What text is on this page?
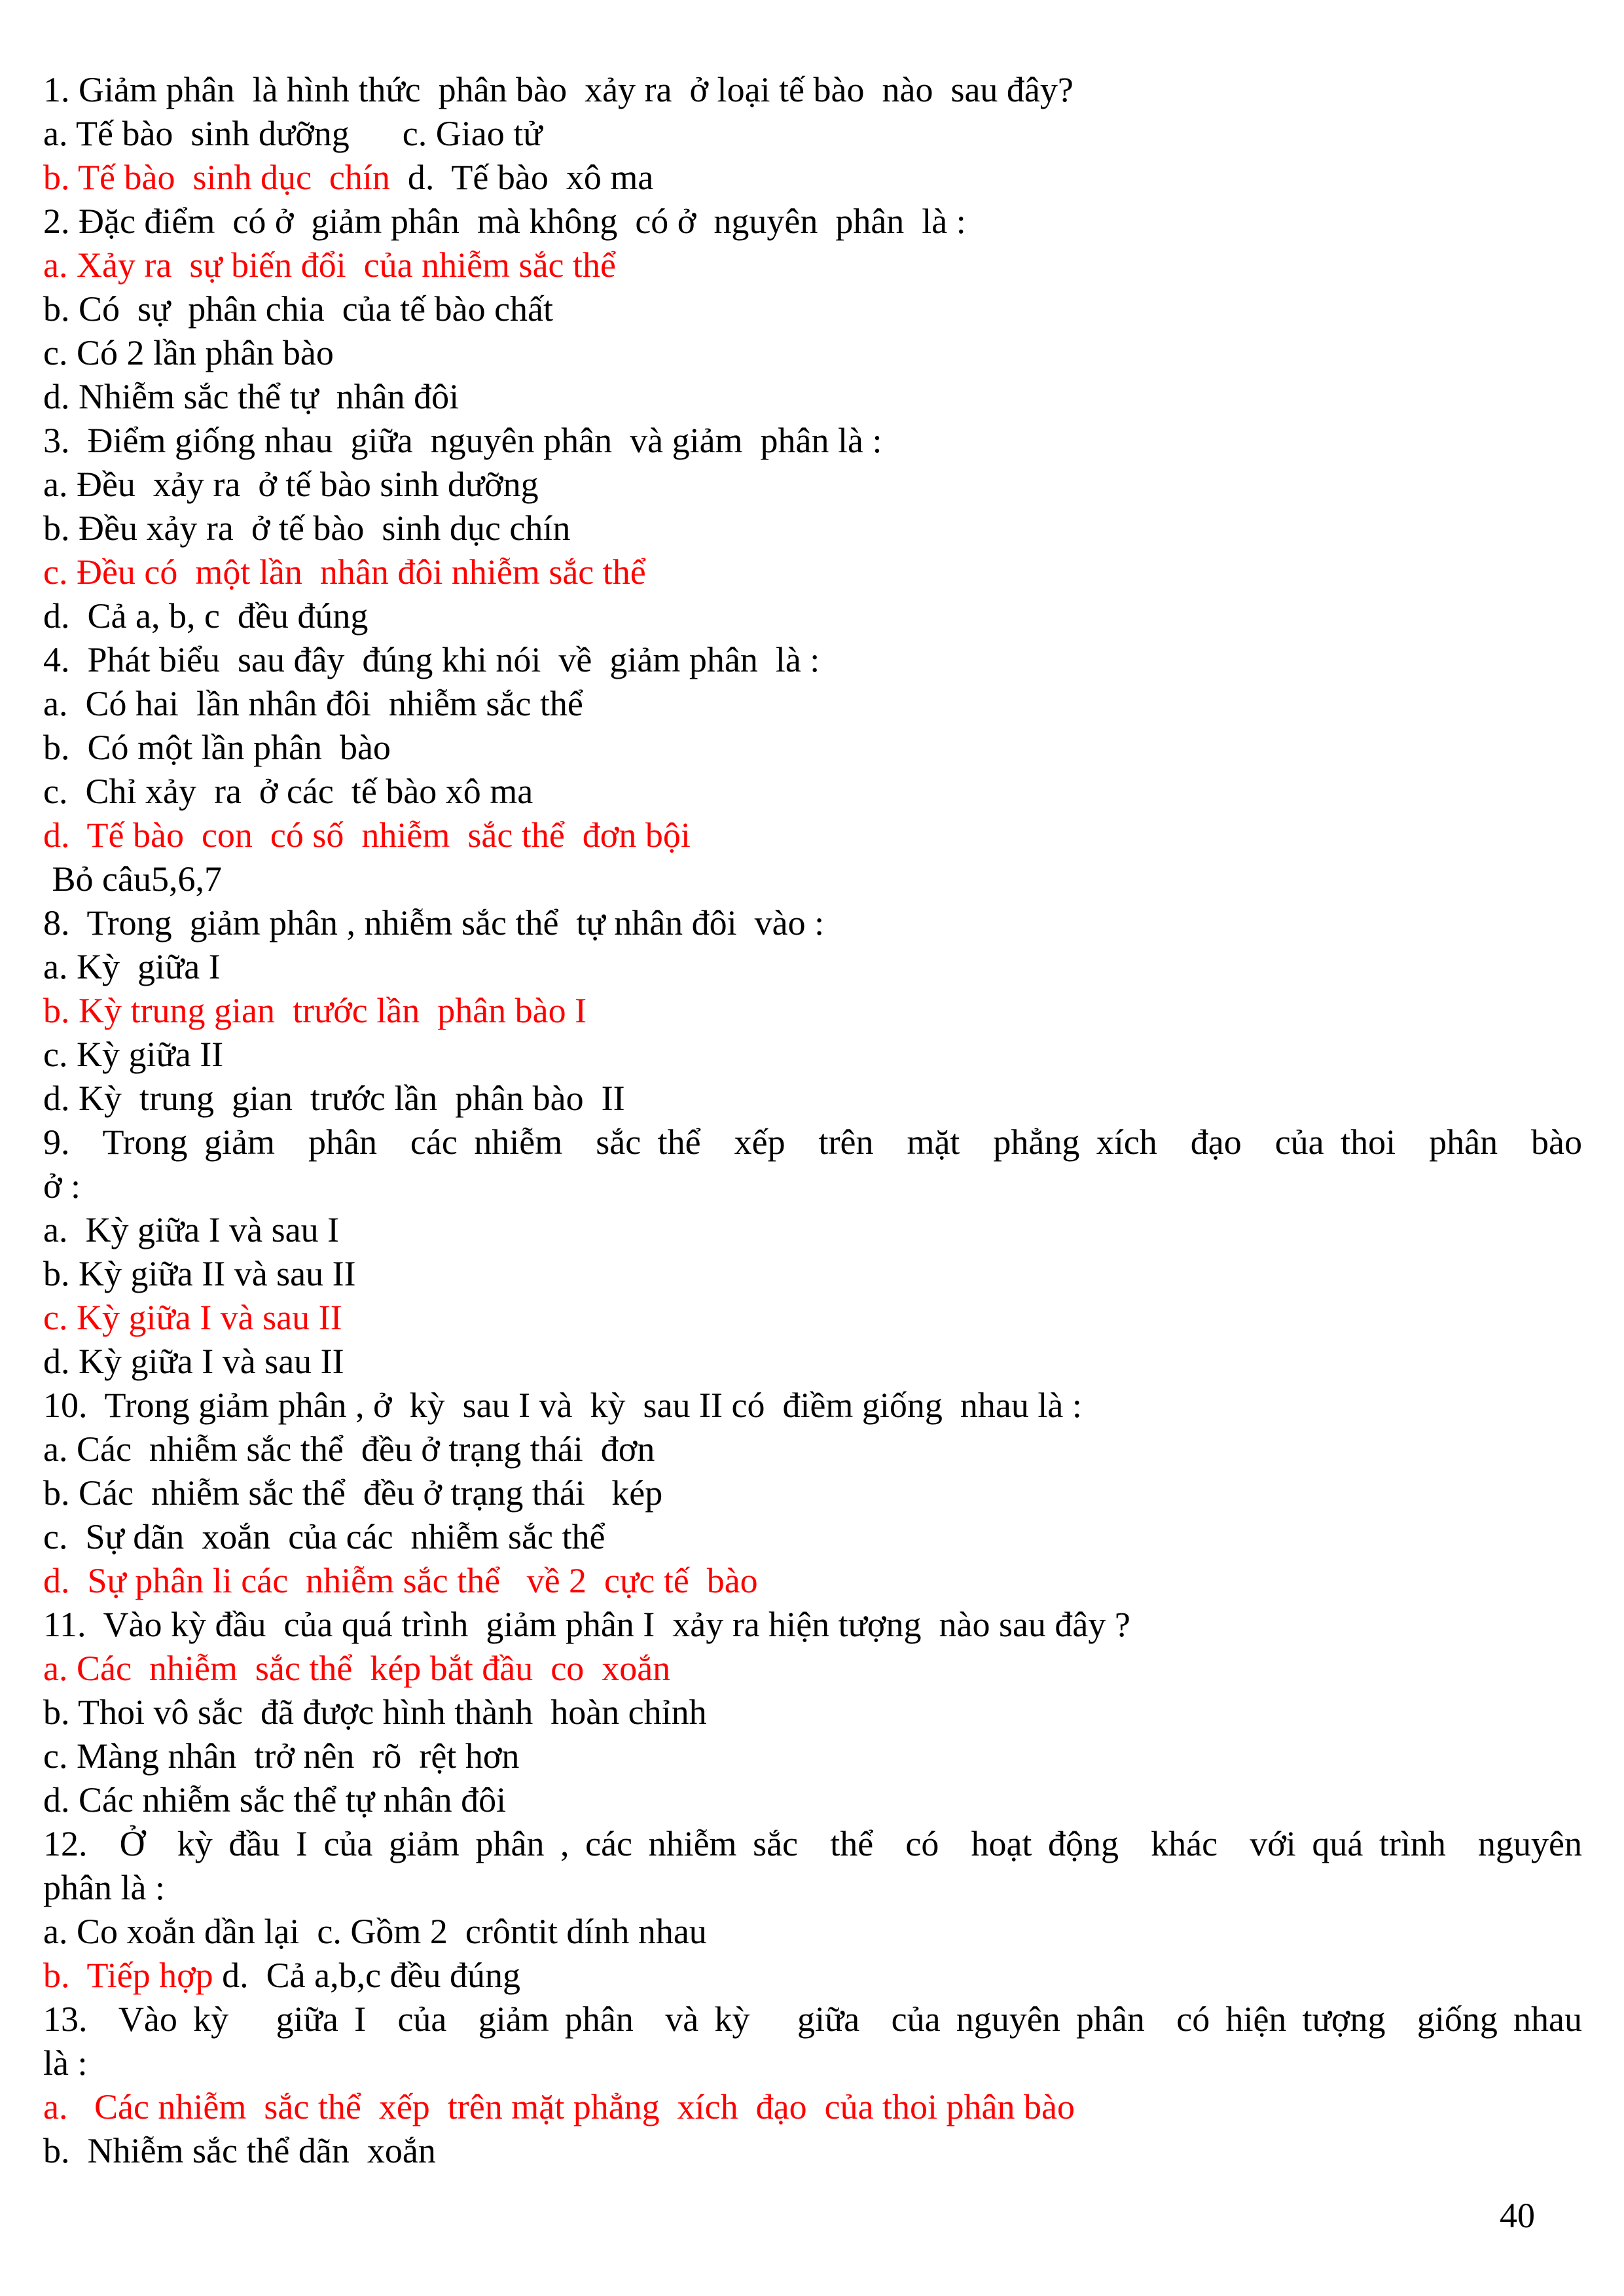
1. Giảm phân  là hình thức  phân bào  xảy ra  ở loại tế bào  nào  sau đây?
a. Tế bào  sinh dưỡng      c. Giao tử
b. Tế bào  sinh dục  chín  d.  Tế bào  xô ma
2. Đặc điểm  có ở  giảm phân  mà không  có ở  nguyên  phân  là :
a. Xảy ra  sự biến đổi  của nhiễm sắc thể
b. Có  sự  phân chia  của tế bào chất
c. Có 2 lần phân bào
d. Nhiễm sắc thể tự  nhân đôi
3.  Điểm giống nhau  giữa  nguyên phân  và giảm  phân là :
a. Đều  xảy ra  ở tế bào sinh dưỡng
b. Đều xảy ra  ở tế bào  sinh dục chín
c. Đều có  một lần  nhân đôi nhiễm sắc thể
d.  Cả a, b, c  đều đúng
4.  Phát biểu  sau đây  đúng khi nói  về  giảm phân  là :
a.  Có hai  lần nhân đôi  nhiễm sắc thể
b.  Có một lần phân  bào
c.  Chỉ xảy  ra  ở các  tế bào xô ma
d.  Tế bào  con  có số  nhiễm  sắc thể  đơn bội
Bỏ câu5,6,7
8.  Trong  giảm phân , nhiễm sắc thể  tự nhân đôi  vào :
a. Kỳ  giữa I
b. Kỳ trung gian  trước lần  phân bào I
c. Kỳ giữa II
d. Kỳ  trung  gian  trước lần  phân bào  II
9.  Trong giảm  phân  các nhiễm  sắc thể  xếp  trên  mặt  phẳng xích  đạo  của thoi  phân  bào
ở :
a.  Kỳ giữa I và sau I
b. Kỳ giữa II và sau II
c. Kỳ giữa I và sau II
d. Kỳ giữa I và sau II
10.  Trong giảm phân , ở  kỳ  sau I và  kỳ  sau II có  điềm giống  nhau là :
a. Các  nhiễm sắc thể  đều ở trạng thái  đơn
b. Các  nhiễm sắc thể  đều ở trạng thái   kép
c.  Sự dãn  xoắn  của các  nhiễm sắc thể
d.  Sự phân li các  nhiễm sắc thể   về 2  cực tế  bào
11.  Vào kỳ đầu  của quá trình  giảm phân I  xảy ra hiện tượng  nào sau đây ?
a. Các  nhiễm  sắc thể  kép bắt đầu  co  xoắn
b. Thoi vô sắc  đã được hình thành  hoàn chỉnh
c. Màng nhân  trở nên  rõ  rệt hơn
d. Các nhiễm sắc thể tự nhân đôi
12.  Ở  kỳ đầu I của giảm phân , các nhiễm sắc  thể  có  hoạt động  khác  với quá trình  nguyên
phân là :
a. Co xoắn dần lại  c. Gồm 2  crôntit dính nhau
b.  Tiếp hợp d.  Cả a,b,c đều đúng
13.  Vào kỳ   giữa I  của  giảm phân  và kỳ   giữa  của nguyên phân  có hiện tượng  giống nhau
là :
a.   Các nhiễm  sắc thể  xếp  trên mặt phẳng  xích  đạo  của thoi phân bào
b.  Nhiễm sắc thể dãn  xoắn
40
